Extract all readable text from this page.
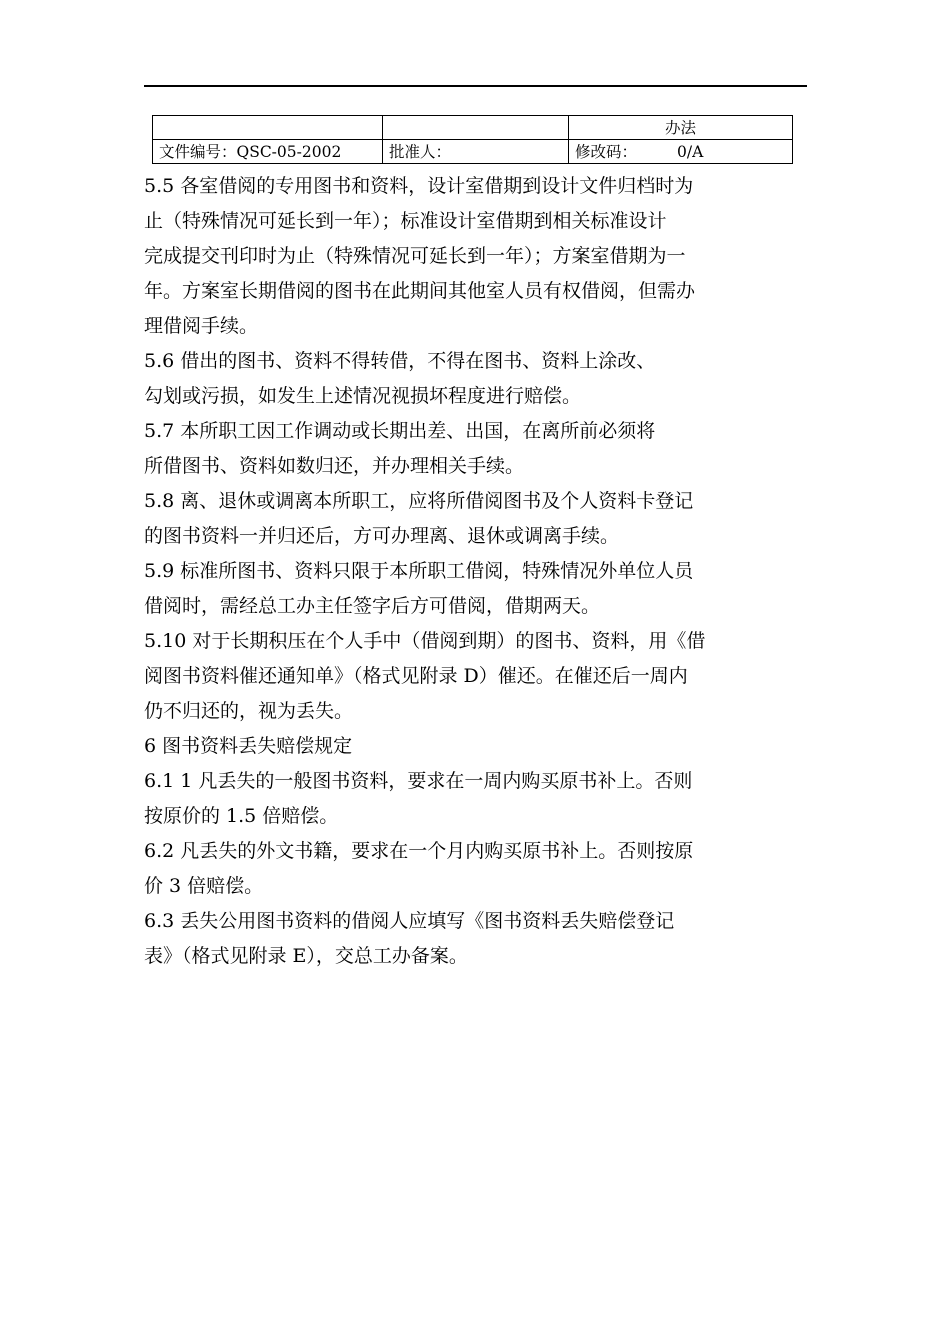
		办法
文件编号：QSC-05-2002	批准人：	修改码： 0/A

5.5 各室借阅的专用图书和资料，设计室借期到设计文件归档时为

止（特殊情况可延长到一年）；标准设计室借期到相关标准设计

完成提交刊印时为止（特殊情况可延长到一年）；方案室借期为一

年。方案室长期借阅的图书在此期间其他室人员有权借阅，但需办

理借阅手续。

5.6 借出的图书、资料不得转借，不得在图书、资料上涂改、

勾划或污损，如发生上述情况视损坏程度进行赔偿。

5.7 本所职工因工作调动或长期出差、出国，在离所前必须将

所借图书、资料如数归还，并办理相关手续。

5.8 离、退休或调离本所职工，应将所借阅图书及个人资料卡登记

的图书资料一并归还后，方可办理离、退休或调离手续。

5.9 标准所图书、资料只限于本所职工借阅，特殊情况外单位人员

借阅时，需经总工办主任签字后方可借阅，借期两天。

5.10 对于长期积压在个人手中（借阅到期）的图书、资料，用《借

阅图书资料催还通知单》（格式见附录 D）催还。在催还后一周内

仍不归还的，视为丢失。

6 图书资料丢失赔偿规定

6.1 1 凡丢失的一般图书资料，要求在一周内购买原书补上。否则

按原价的 1.5 倍赔偿。

6.2 凡丢失的外文书籍，要求在一个月内购买原书补上。否则按原

价 3 倍赔偿。

6.3 丢失公用图书资料的借阅人应填写《图书资料丢失赔偿登记

表》（格式见附录 E），交总工办备案。
